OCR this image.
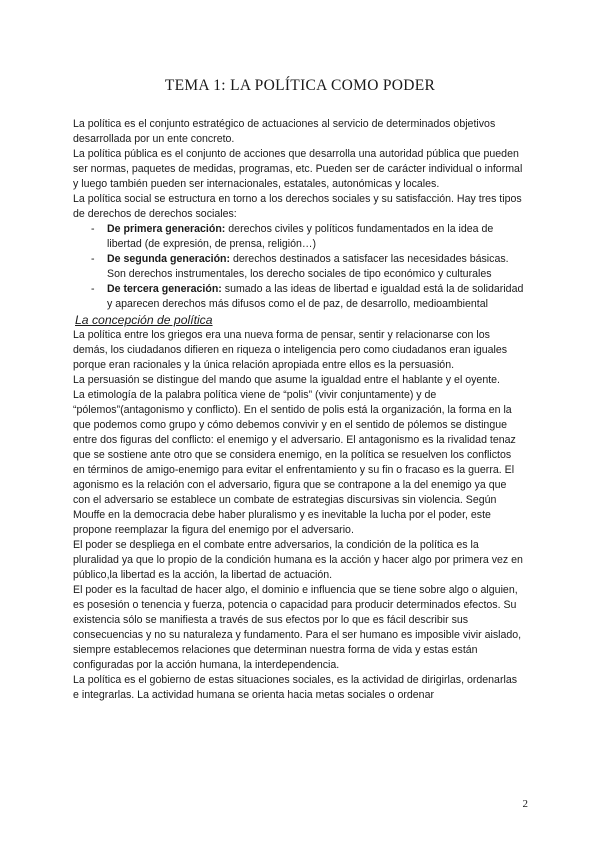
TEMA 1: LA POLÍTICA COMO PODER

La política es el conjunto estratégico de actuaciones al servicio de determinados objetivos desarrollada por un ente concreto.

La política pública es el conjunto de acciones que desarrolla una autoridad pública que pueden ser normas, paquetes de medidas, programas, etc. Pueden ser de carácter individual o informal y luego también pueden ser internacionales, estatales, autonómicas y locales.

La política social se estructura en torno a los derechos sociales y su satisfacción. Hay tres tipos de derechos de derechos sociales:

- De primera generación: derechos civiles y políticos fundamentados en la idea de libertad (de expresión, de prensa, religión…)
- De segunda generación: derechos destinados a satisfacer las necesidades básicas. Son derechos instrumentales, los derecho sociales de tipo económico y culturales
- De tercera generación: sumado a las ideas de libertad e igualdad está la de solidaridad y aparecen derechos más difusos como el de paz, de desarrollo, medioambiental
La concepción de política

La política entre los griegos era una nueva forma de pensar, sentir y relacionarse con los demás, los ciudadanos difieren en riqueza o inteligencia pero como ciudadanos eran iguales porque eran racionales y la única relación apropiada entre ellos es la persuasión.

La persuasión se distingue del mando que asume la igualdad entre el hablante y el oyente.

La etimología de la palabra política viene de “polis” (vivir conjuntamente) y de “pólemos”(antagonismo y conflicto). En el sentido de polis está la organización, la forma en la que podemos como grupo y cómo debemos convivir y en el sentido de pólemos se distingue entre dos figuras del conflicto: el enemigo y el adversario. El antagonismo es la rivalidad tenaz que se sostiene ante otro que se considera enemigo, en la política se resuelven los conflictos en términos de amigo-enemigo para evitar el enfrentamiento y su fin o fracaso es la guerra. El agonismo es la relación con el adversario, figura que se contrapone a la del enemigo ya que con el adversario se establece un combate de estrategias discursivas sin violencia. Según Mouffe en la democracia debe haber pluralismo y es inevitable la lucha por el poder, este propone reemplazar la figura del enemigo por el adversario.

El poder se despliega en el combate entre adversarios, la condición de la política es la pluralidad ya que lo propio de la condición humana es la acción y hacer algo por primera vez en público,la libertad es la acción, la libertad de actuación.

El poder es la facultad de hacer algo, el dominio e influencia que se tiene sobre algo o alguien, es posesión o tenencia y fuerza, potencia o capacidad para producir determinados efectos. Su existencia sólo se manifiesta a través de sus efectos por lo que es fácil describir sus consecuencias y no su naturaleza y fundamento. Para el ser humano es imposible vivir aislado, siempre establecemos relaciones que determinan nuestra forma de vida y estas están configuradas por la acción humana, la interdependencia.

La política es el gobierno de estas situaciones sociales, es la actividad de dirigirlas, ordenarlas e integrarlas. La actividad humana se orienta hacia metas sociales o ordenar

2
